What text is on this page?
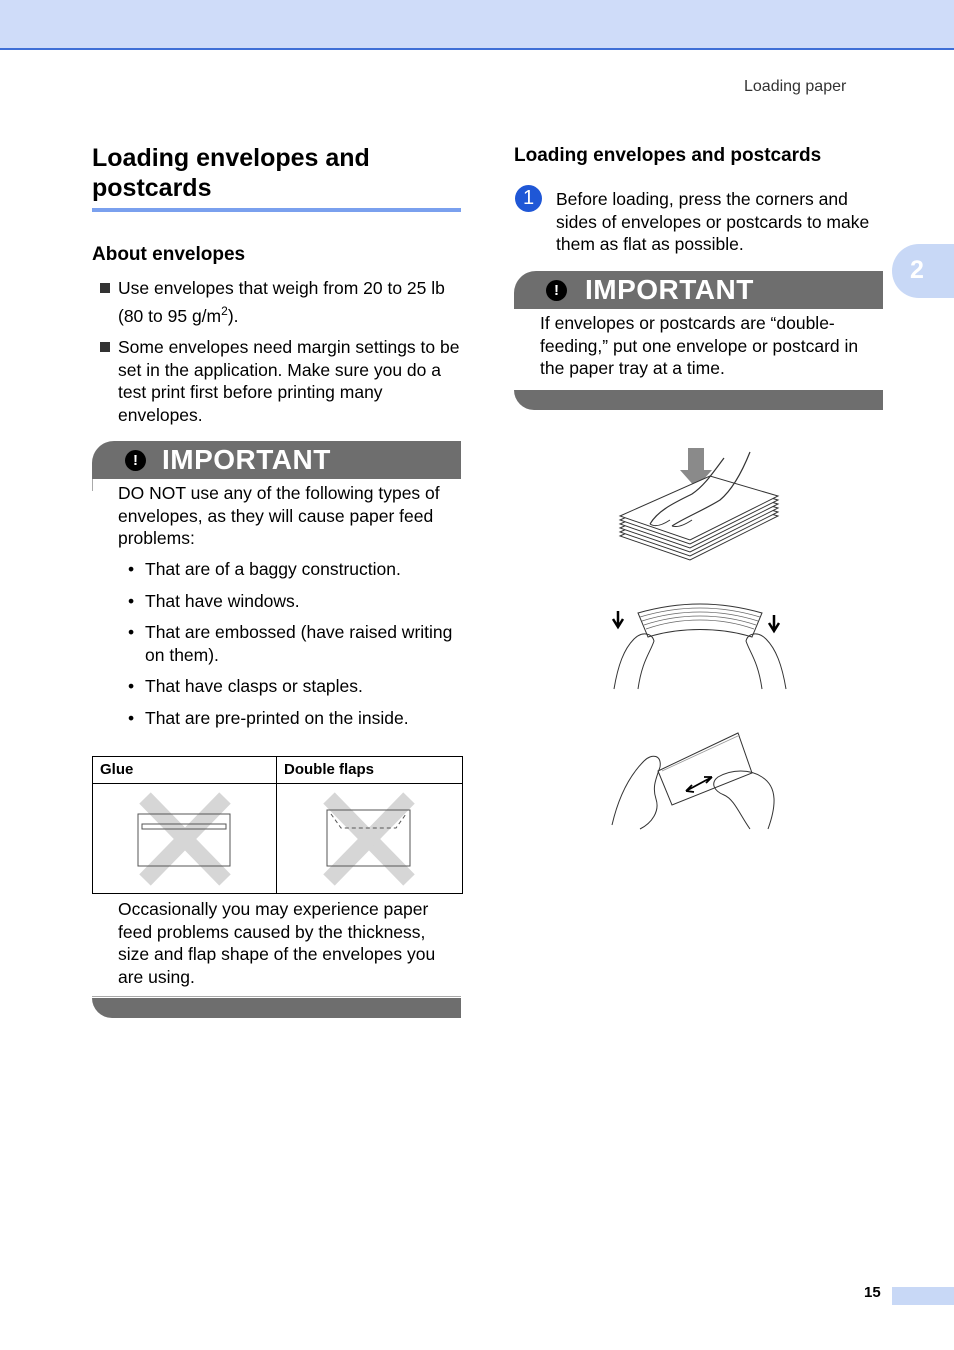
Loading paper
2
Loading envelopes and postcards
About envelopes
Use envelopes that weigh from 20 to 25 lb (80 to 95 $g/m^2$).
Some envelopes need margin settings to be set in the application. Make sure you do a test print first before printing many envelopes.
! IMPORTANT
DO NOT use any of the following types of envelopes, as they will cause paper feed problems:
• That are of a baggy construction.
• That have windows.
• That are embossed (have raised writing on them).
• That have clasps or staples.
• That are pre-printed on the inside.
Glue	Double flaps

Occasionally you may experience paper feed problems caused by the thickness, size and flap shape of the envelopes you are using.
Loading envelopes and postcards
1	Before loading, press the corners and sides of envelopes or postcards to make them as flat as possible.
! IMPORTANT
If envelopes or postcards are “double-feeding,” put one envelope or postcard in the paper tray at a time.
15
